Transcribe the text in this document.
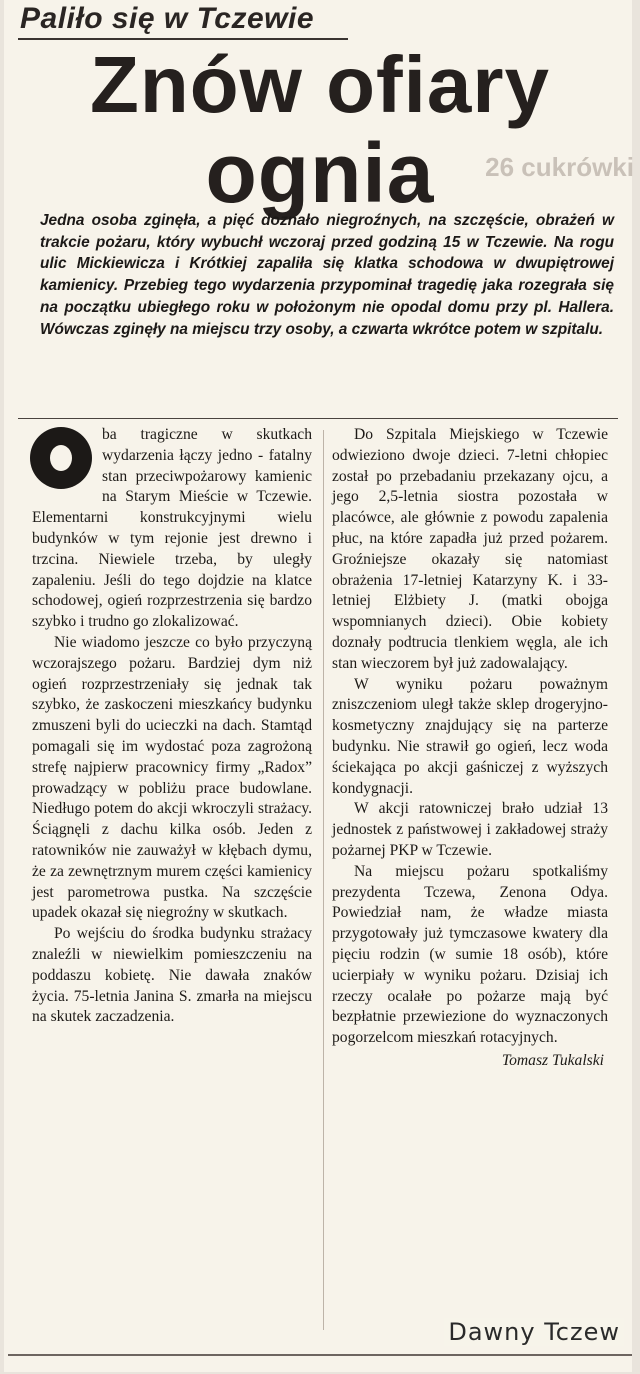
26 cukrówki
Paliło się w Tczewie
Znów ofiary
ognia
Jedna osoba zginęła, a pięć doznało niegroźnych, na szczęście, obrażeń w trakcie pożaru, który wybuchł wczoraj przed godziną 15 w Tczewie. Na rogu ulic Mickiewicza i Krótkiej zapaliła się klatka schodowa w dwupiętrowej kamienicy. Przebieg tego wydarzenia przypominał tragedię jaka rozegrała się na początku ubiegłego roku w położonym nie opodal domu przy pl. Hallera. Wówczas zginęły na miejscu trzy osoby, a czwarta wkrótce potem w szpitalu.

ba tragiczne w skutkach wydarzenia łączy jedno - fatalny stan przeciwpożarowy kamienic na Starym Mieście w Tczewie. Elementarni konstrukcyjnymi wielu budynków w tym rejonie jest drewno i trzcina. Niewiele trzeba, by uległy zapaleniu. Jeśli do tego dojdzie na klatce schodowej, ogień rozprzestrzenia się bardzo szybko i trudno go zlokalizować.

Nie wiadomo jeszcze co było przyczyną wczorajszego pożaru. Bardziej dym niż ogień rozprzestrzeniały się jednak tak szybko, że zaskoczeni mieszkańcy budynku zmuszeni byli do ucieczki na dach. Stamtąd pomagali się im wydostać poza zagrożoną strefę najpierw pracownicy firmy „Radox” prowadzący w pobliżu prace budowlane. Niedługo potem do akcji wkroczyli strażacy. Ściągnęli z dachu kilka osób. Jeden z ratowników nie zauważył w kłębach dymu, że za zewnętrznym murem części kamienicy jest parometrowa pustka. Na szczęście upadek okazał się niegroźny w skutkach.

Po wejściu do środka budynku strażacy znaleźli w niewielkim pomieszczeniu na poddaszu kobietę. Nie dawała znaków życia. 75-letnia Janina S. zmarła na miejscu na skutek zaczadzenia.

Do Szpitala Miejskiego w Tczewie odwieziono dwoje dzieci. 7-letni chłopiec został po przebadaniu przekazany ojcu, a jego 2,5-letnia siostra pozostała w placówce, ale głównie z powodu zapalenia płuc, na które zapadła już przed pożarem. Groźniejsze okazały się natomiast obrażenia 17-letniej Katarzyny K. i 33-letniej Elżbiety J. (matki obojga wspomnianych dzieci). Obie kobiety doznały podtrucia tlenkiem węgla, ale ich stan wieczorem był już zadowalający.

W wyniku pożaru poważnym zniszczeniom uległ także sklep drogeryjno-kosmetyczny znajdujący się na parterze budynku. Nie strawił go ogień, lecz woda ściekająca po akcji gaśniczej z wyższych kondygnacji.

W akcji ratowniczej brało udział 13 jednostek z państwowej i zakładowej straży pożarnej PKP w Tczewie.

Na miejscu pożaru spotkaliśmy prezydenta Tczewa, Zenona Odya. Powiedział nam, że władze miasta przygotowały już tymczasowe kwatery dla pięciu rodzin (w sumie 18 osób), które ucierpiały w wyniku pożaru. Dzisiaj ich rzeczy ocalałe po pożarze mają być bezpłatnie przewiezione do wyznaczonych pogorzelcom mieszkań rotacyjnych.

Tomasz Tukalski
Dawny Tczew
